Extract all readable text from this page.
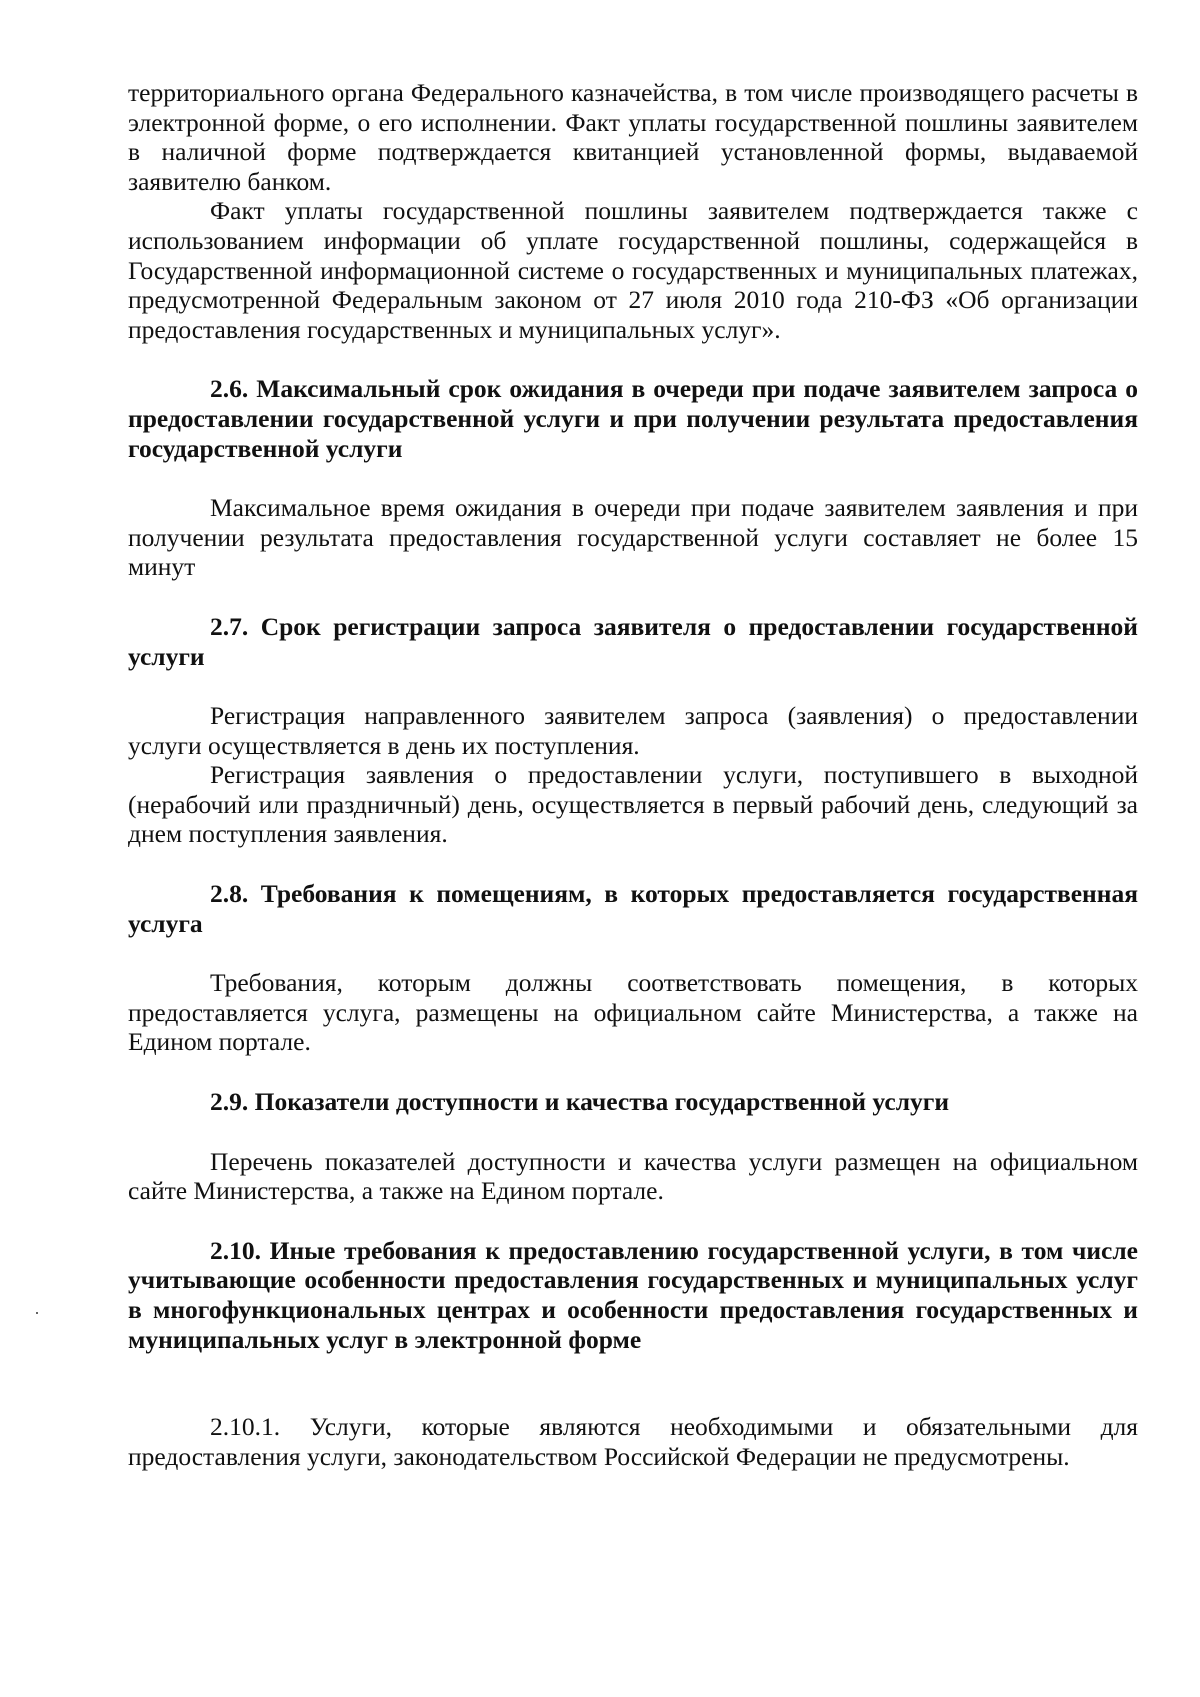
территориального органа Федерального казначейства, в том числе производящего расчеты в электронной форме, о его исполнении. Факт уплаты государственной пошлины заявителем в наличной форме подтверждается квитанцией установленной формы, выдаваемой заявителю банком.

Факт уплаты государственной пошлины заявителем подтверждается также с использованием информации об уплате государственной пошлины, содержащейся в Государственной информационной системе о государственных и муниципальных платежах, предусмотренной Федеральным законом от 27 июля 2010 года 210-ФЗ «Об организации предоставления государственных и муниципальных услуг».

2.6. Максимальный срок ожидания в очереди при подаче заявителем запроса о предоставлении государственной услуги и при получении результата предоставления государственной услуги

Максимальное время ожидания в очереди при подаче заявителем заявления и при получении результата предоставления государственной услуги составляет не более 15 минут

2.7. Срок регистрации запроса заявителя о предоставлении государственной услуги

Регистрация направленного заявителем запроса (заявления) о предоставлении услуги осуществляется в день их поступления.

Регистрация заявления о предоставлении услуги, поступившего в выходной (нерабочий или праздничный) день, осуществляется в первый рабочий день, следующий за днем поступления заявления.

2.8. Требования к помещениям, в которых предоставляется государственная услуга

Требования, которым должны соответствовать помещения, в которых предоставляется услуга, размещены на официальном сайте Министерства, а также на Едином портале.

2.9. Показатели доступности и качества государственной услуги

Перечень показателей доступности и качества услуги размещен на официальном сайте Министерства, а также на Едином портале.

2.10. Иные требования к предоставлению государственной услуги, в том числе учитывающие особенности предоставления государственных и муниципальных услуг в многофункциональных центрах и особенности предоставления государственных и муниципальных услуг в электронной форме

2.10.1. Услуги, которые являются необходимыми и обязательными для предоставления услуги, законодательством Российской Федерации не предусмотрены.
